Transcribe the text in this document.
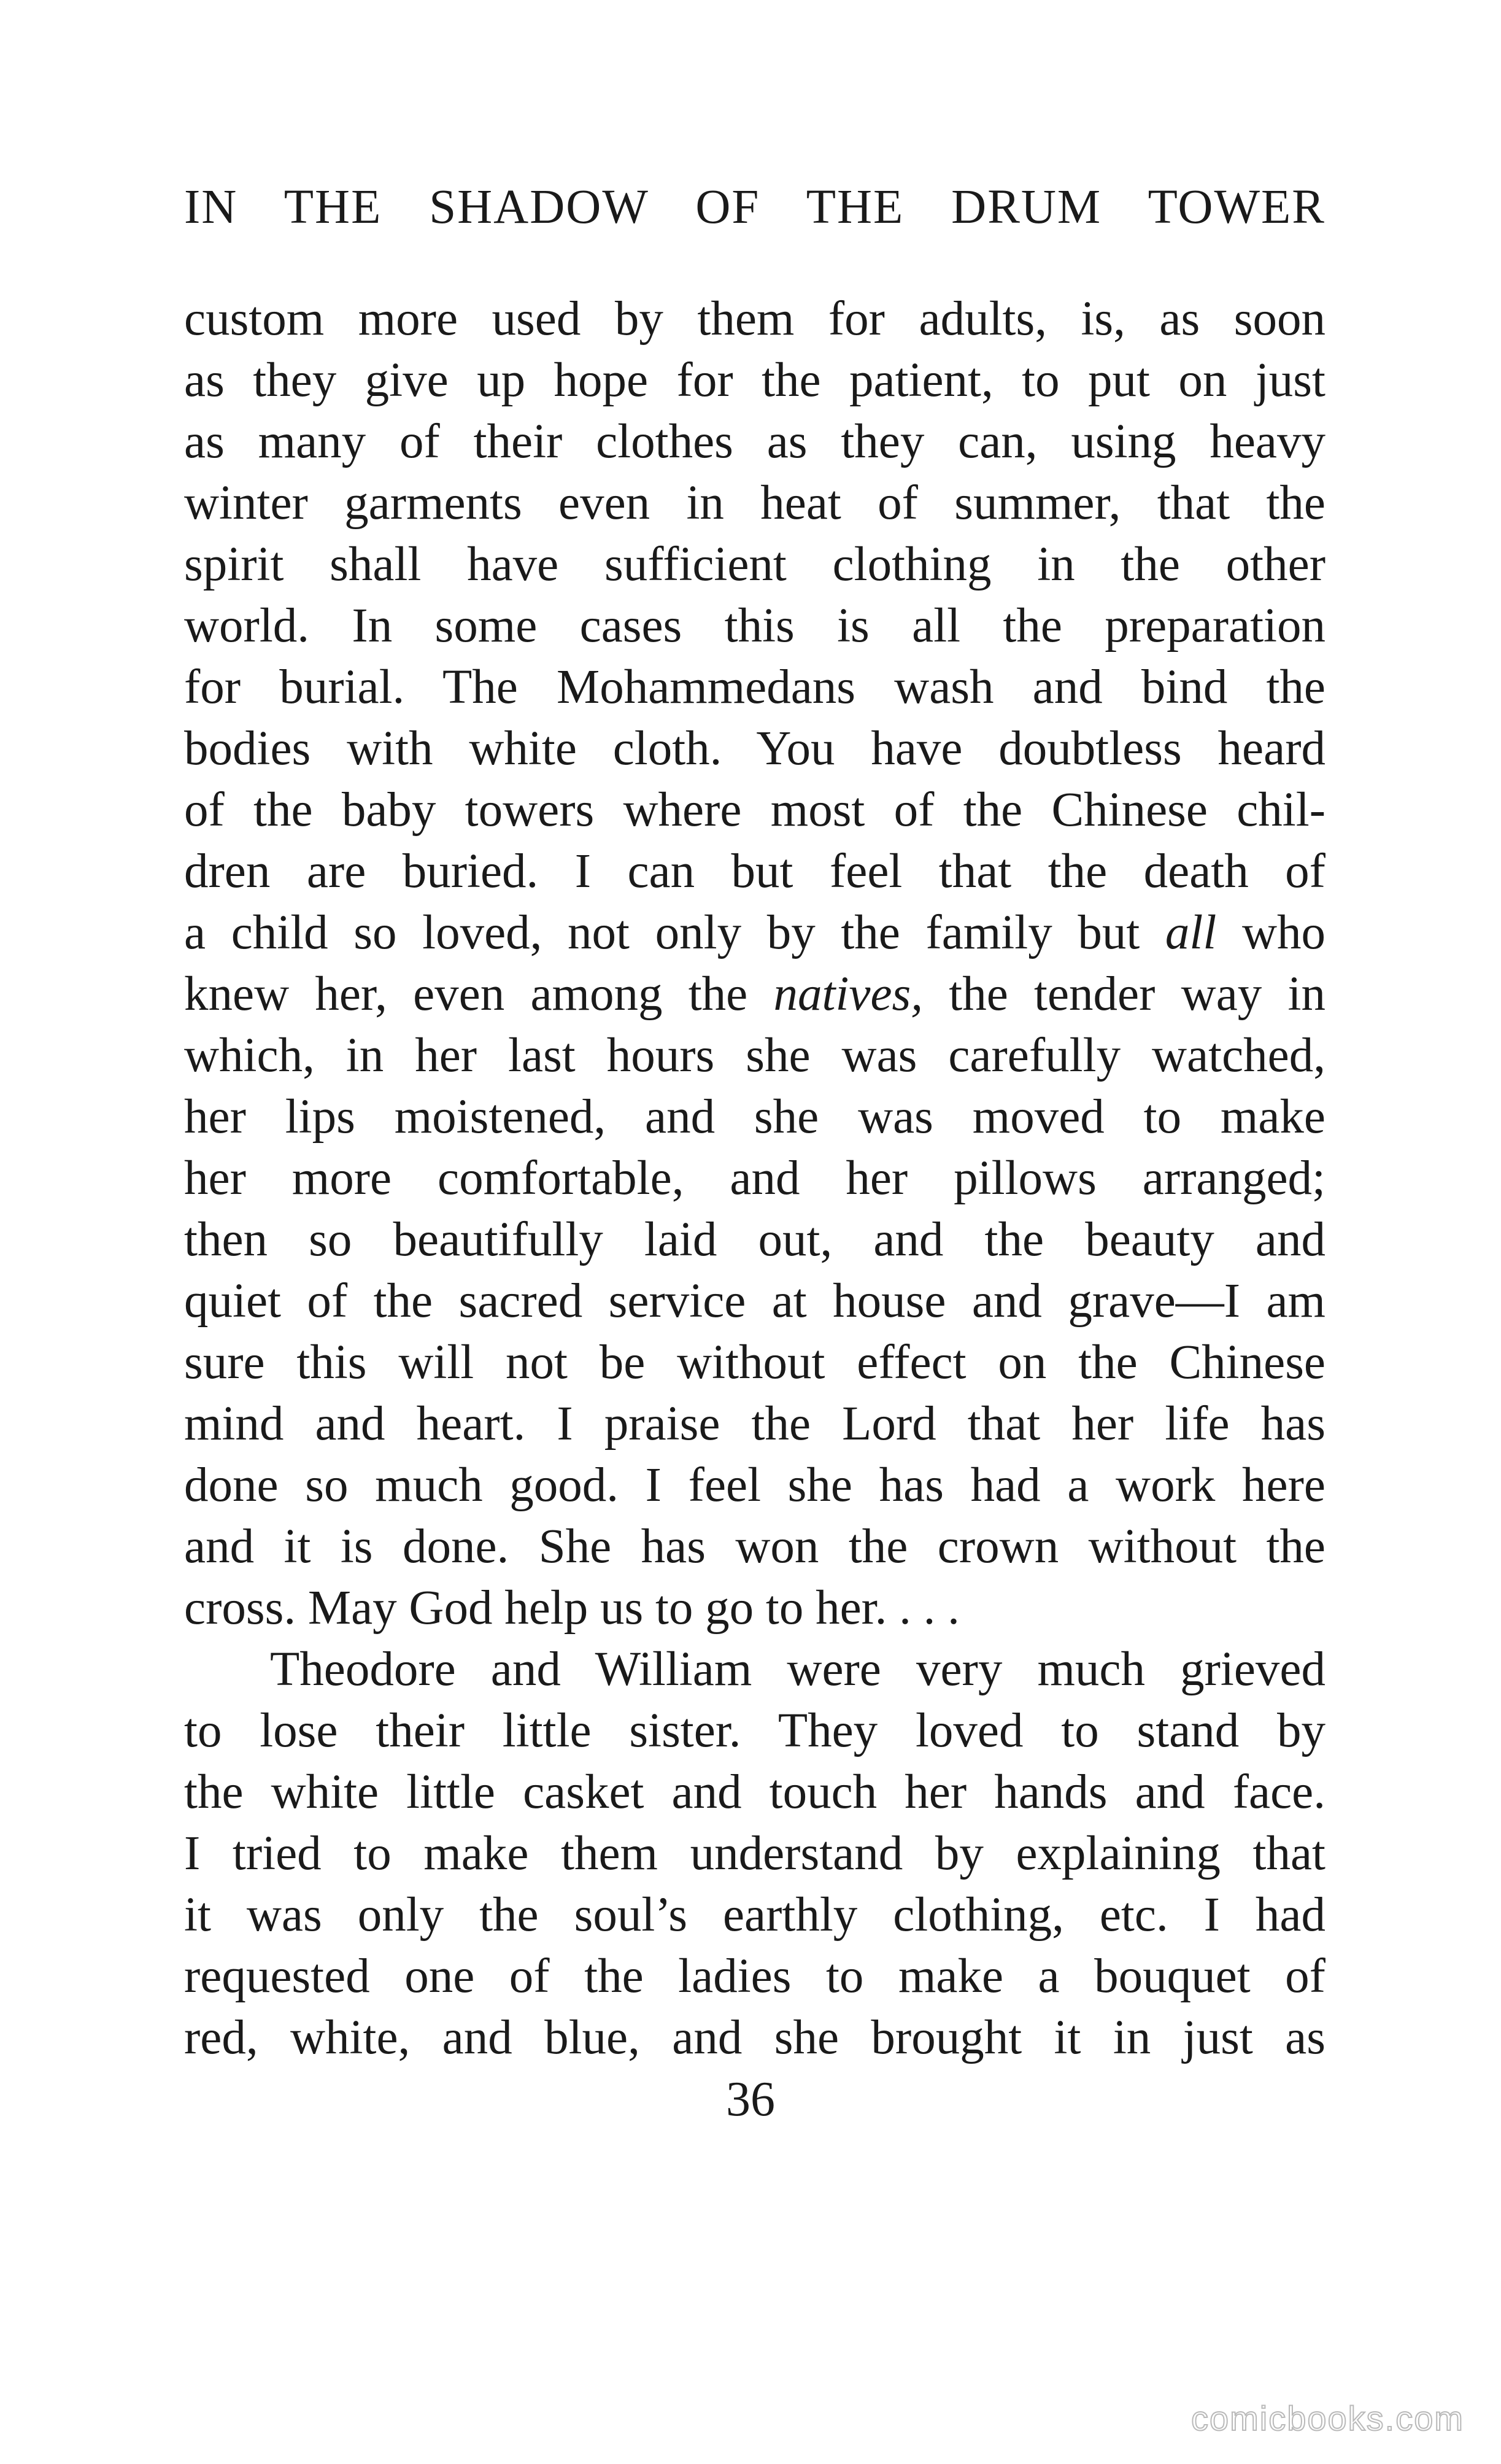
IN THE SHADOW OF THE DRUM TOWER
custom more used by them for adults, is, as soon
as they give up hope for the patient, to put on just
as many of their clothes as they can, using heavy
winter garments even in heat of summer, that the
spirit shall have sufficient clothing in the other
world. In some cases this is all the preparation
for burial. The Mohammedans wash and bind the
bodies with white cloth. You have doubtless heard
of the baby towers where most of the Chinese chil-
dren are buried. I can but feel that the death of
a child so loved, not only by the family but all who
knew her, even among the natives, the tender way in
which, in her last hours she was carefully watched,
her lips moistened, and she was moved to make
her more comfortable, and her pillows arranged;
then so beautifully laid out, and the beauty and
quiet of the sacred service at house and grave—I am
sure this will not be without effect on the Chinese
mind and heart. I praise the Lord that her life has
done so much good. I feel she has had a work here
and it is done. She has won the crown without the
cross. May God help us to go to her. . . .
Theodore and William were very much grieved
to lose their little sister. They loved to stand by
the white little casket and touch her hands and face.
I tried to make them understand by explaining that
it was only the soul’s earthly clothing, etc. I had
requested one of the ladies to make a bouquet of
red, white, and blue, and she brought it in just as
36
comicbooks.com
